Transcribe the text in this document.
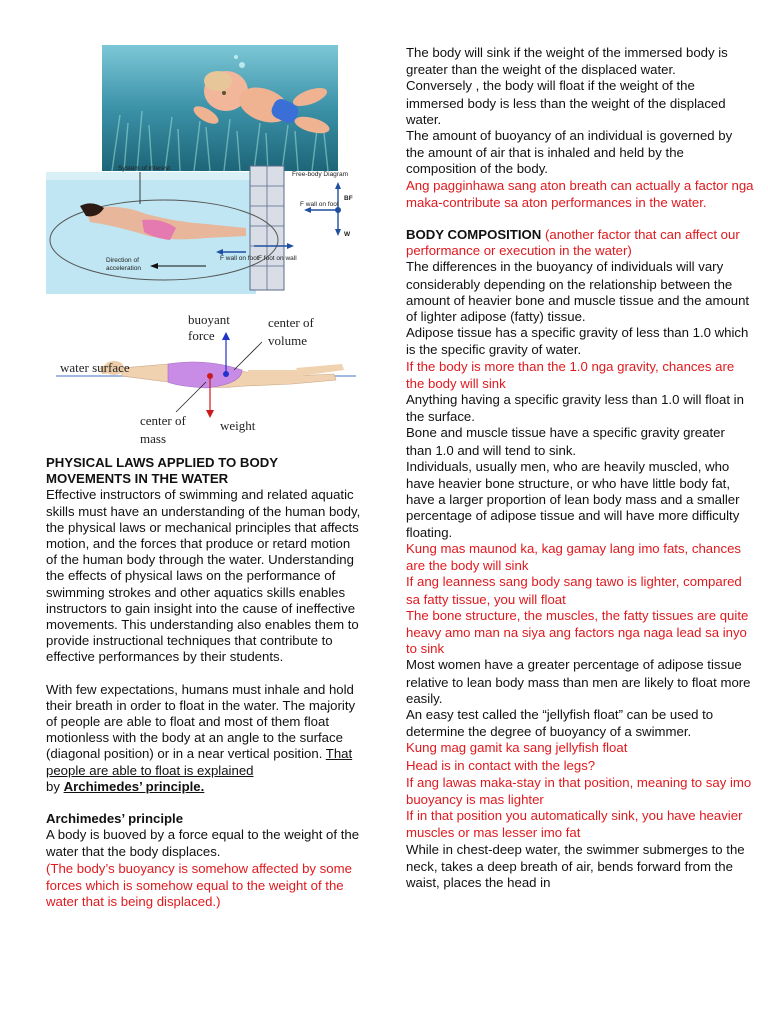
Direction of
acceleration
System of interest
Free-body Diagram
BF
W
F wall on foot
F wall on foot F foot on wall
buoyant
force
center of
volume
water surface
center of
mass
weight

PHYSICAL LAWS APPLIED TO BODY

MOVEMENTS IN THE WATER

Effective instructors of swimming and related aquatic skills must have an understanding of the human body, the physical laws or mechanical principles that affects motion, and the forces that produce or retard motion of the human body through the water. Understanding the effects of physical laws on the performance of swimming strokes and other aquatics skills enables instructors to gain insight into the cause of ineffective movements. This understanding also enables them to provide instructional techniques that contribute to effective performances by their students.

With few expectations, humans must inhale and hold their breath in order to float in the water. The majority of people are able to float and most of them float motionless with the body at an angle to the surface (diagonal position) or in a near vertical position. That people are able to float is explained
by Archimedes’ principle.

Archimedes’ principle

A body is buoved by a force equal to the weight of the water that the body displaces.

(The body’s buoyancy is somehow affected by some forces which is somehow equal to the weight of the water that is being displaced.)

The body will sink if the weight of the immersed body is greater than the weight of the displaced water.

Conversely , the body will float if the weight of the immersed body is less than the weight of the displaced water.

The amount of buoyancy of an individual is governed by the amount of air that is inhaled and held by the composition of the body.

Ang pagginhawa sang aton breath can actually a factor nga maka-contribute sa aton performances in the water.

BODY COMPOSITION (another factor that can affect our performance or execution in the water)

The differences in the buoyancy of individuals will vary considerably depending on the relationship between the amount of heavier bone and muscle tissue and the amount of lighter adipose (fatty) tissue.

Adipose tissue has a specific gravity of less than 1.0 which is the specific gravity of water.

If the body is more than the 1.0 nga gravity, chances are the body will sink

Anything having a specific gravity less than 1.0 will float in the surface.

Bone and muscle tissue have a specific gravity greater than 1.0 and will tend to sink.

Individuals, usually men, who are heavily muscled, who have heavier bone structure, or who have little body fat, have a larger proportion of lean body mass and a smaller percentage of adipose tissue and will have more difficulty floating.

Kung mas maunod ka, kag gamay lang imo fats, chances are the body will sink

If ang leanness sang body sang tawo is lighter, compared sa fatty tissue, you will float

The bone structure, the muscles, the fatty tissues are quite heavy amo man na siya ang factors nga naga lead sa inyo to sink

Most women have a greater percentage of adipose tissue relative to lean body mass than men are likely to float more easily.

An easy test called the “jellyfish float” can be used to determine the degree of buoyancy of a swimmer.

Kung mag gamit ka sang jellyfish float

Head is in contact with the legs?

If ang lawas maka-stay in that position, meaning to say imo buoyancy is mas lighter

If in that position you automatically sink, you have heavier muscles or mas lesser imo fat

While in chest-deep water, the swimmer submerges to the neck, takes a deep breath of air, bends forward from the waist, places the head in
